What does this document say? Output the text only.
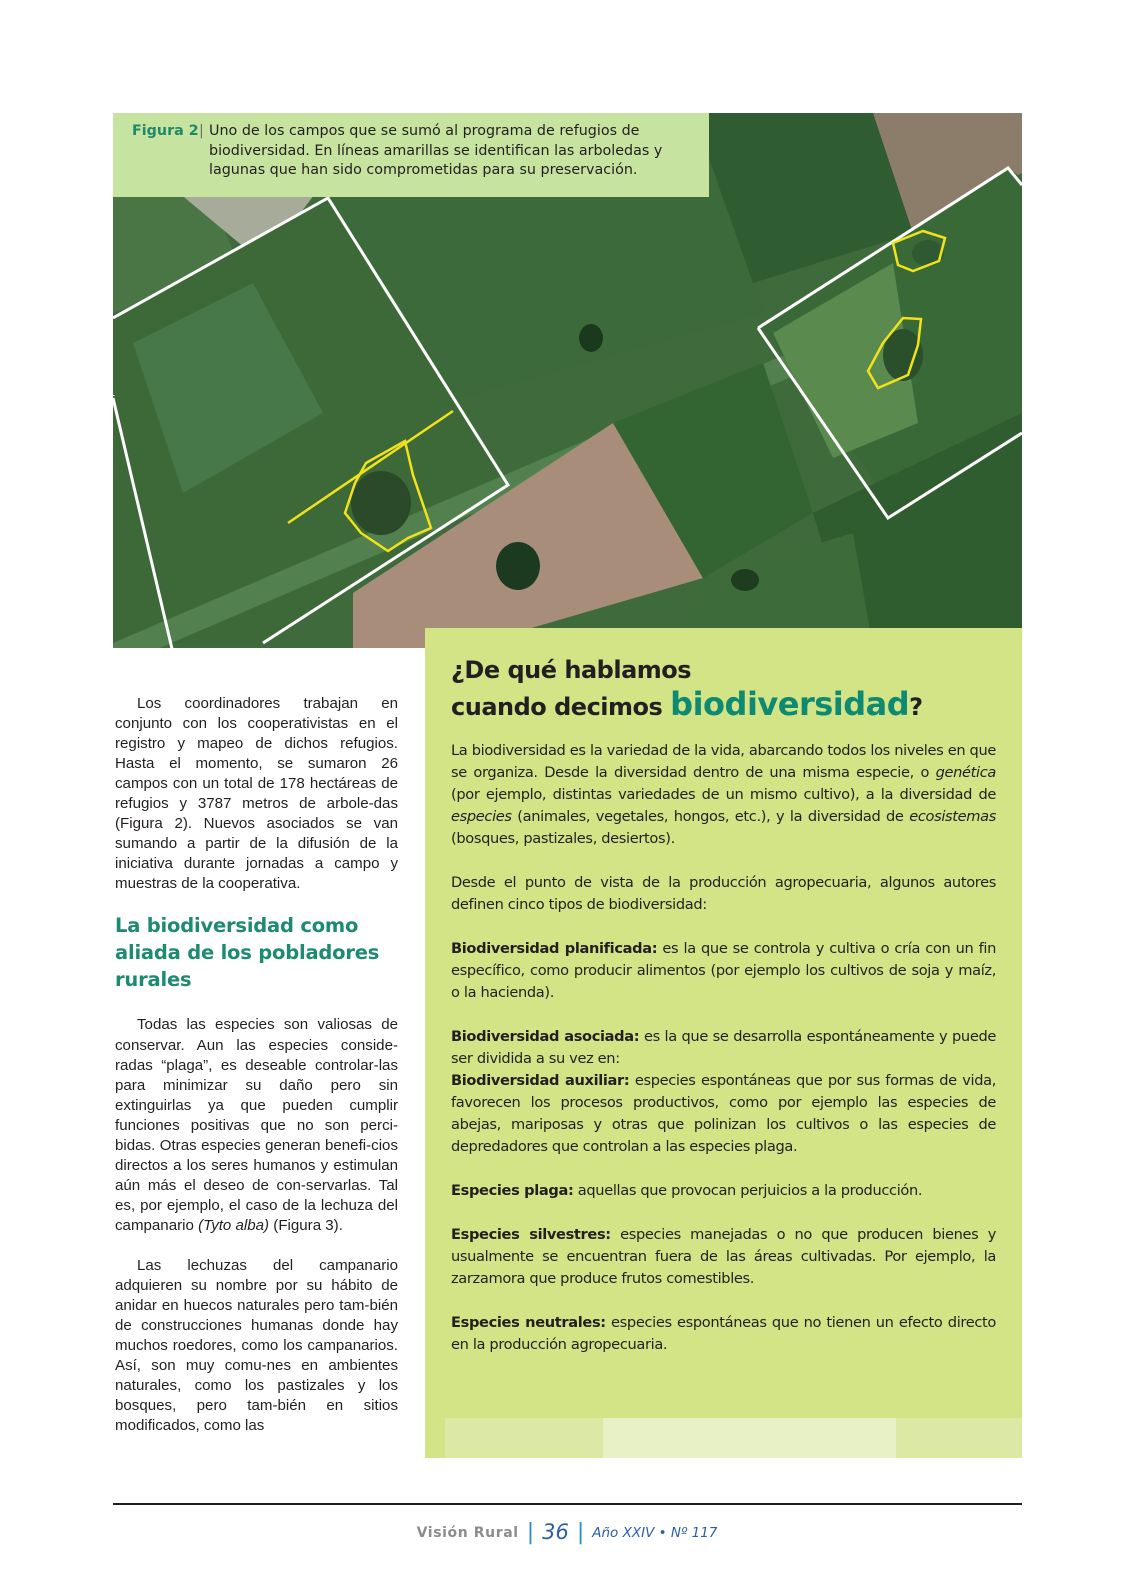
Figura 2 | Uno de los campos que se sumó al programa de refugios de biodiversidad. En líneas amarillas se identifican las arboledas y lagunas que han sido comprometidas para su preservación.

Los coordinadores trabajan en conjunto con los cooperativistas en el registro y mapeo de dichos refugios. Hasta el momento, se sumaron 26 campos con un total de 178 hectáreas de refugios y 3787 metros de arbole-das (Figura 2). Nuevos asociados se van sumando a partir de la difusión de la iniciativa durante jornadas a campo y muestras de la cooperativa.

La biodiversidad como aliada de los pobladores rurales

Todas las especies son valiosas de conservar. Aun las especies conside-radas “plaga”, es deseable controlar-las para minimizar su daño pero sin extinguirlas ya que pueden cumplir funciones positivas que no son perci-bidas. Otras especies generan benefi-cios directos a los seres humanos y estimulan aún más el deseo de con-servarlas. Tal es, por ejemplo, el caso de la lechuza del campanario (Tyto alba) (Figura 3).

Las lechuzas del campanario adquieren su nombre por su hábito de anidar en huecos naturales pero tam-bién de construcciones humanas donde hay muchos roedores, como los campanarios. Así, son muy comu-nes en ambientes naturales, como los pastizales y los bosques, pero tam-bién en sitios modificados, como las

¿De qué hablamos
cuando decimos biodiversidad?

La biodiversidad es la variedad de la vida, abarcando todos los niveles en que se organiza. Desde la diversidad dentro de una misma especie, o genética (por ejemplo, distintas variedades de un mismo cultivo), a la diversidad de especies (animales, vegetales, hongos, etc.), y la diversidad de ecosistemas (bosques, pastizales, desiertos).

Desde el punto de vista de la producción agropecuaria, algunos autores definen cinco tipos de biodiversidad:

Biodiversidad planificada: es la que se controla y cultiva o cría con un fin específico, como producir alimentos (por ejemplo los cultivos de soja y maíz, o la hacienda).

Biodiversidad asociada: es la que se desarrolla espontáneamente y puede ser dividida a su vez en:

Biodiversidad auxiliar: especies espontáneas que por sus formas de vida, favorecen los procesos productivos, como por ejemplo las especies de abejas, mariposas y otras que polinizan los cultivos o las especies de depredadores que controlan a las especies plaga.

Especies plaga: aquellas que provocan perjuicios a la producción.

Especies silvestres: especies manejadas o no que producen bienes y usualmente se encuentran fuera de las áreas cultivadas. Por ejemplo, la zarzamora que produce frutos comestibles.

Especies neutrales: especies espontáneas que no tienen un efecto directo en la producción agropecuaria.

Visión Rural | 36 | Año XXIV • Nº 117
